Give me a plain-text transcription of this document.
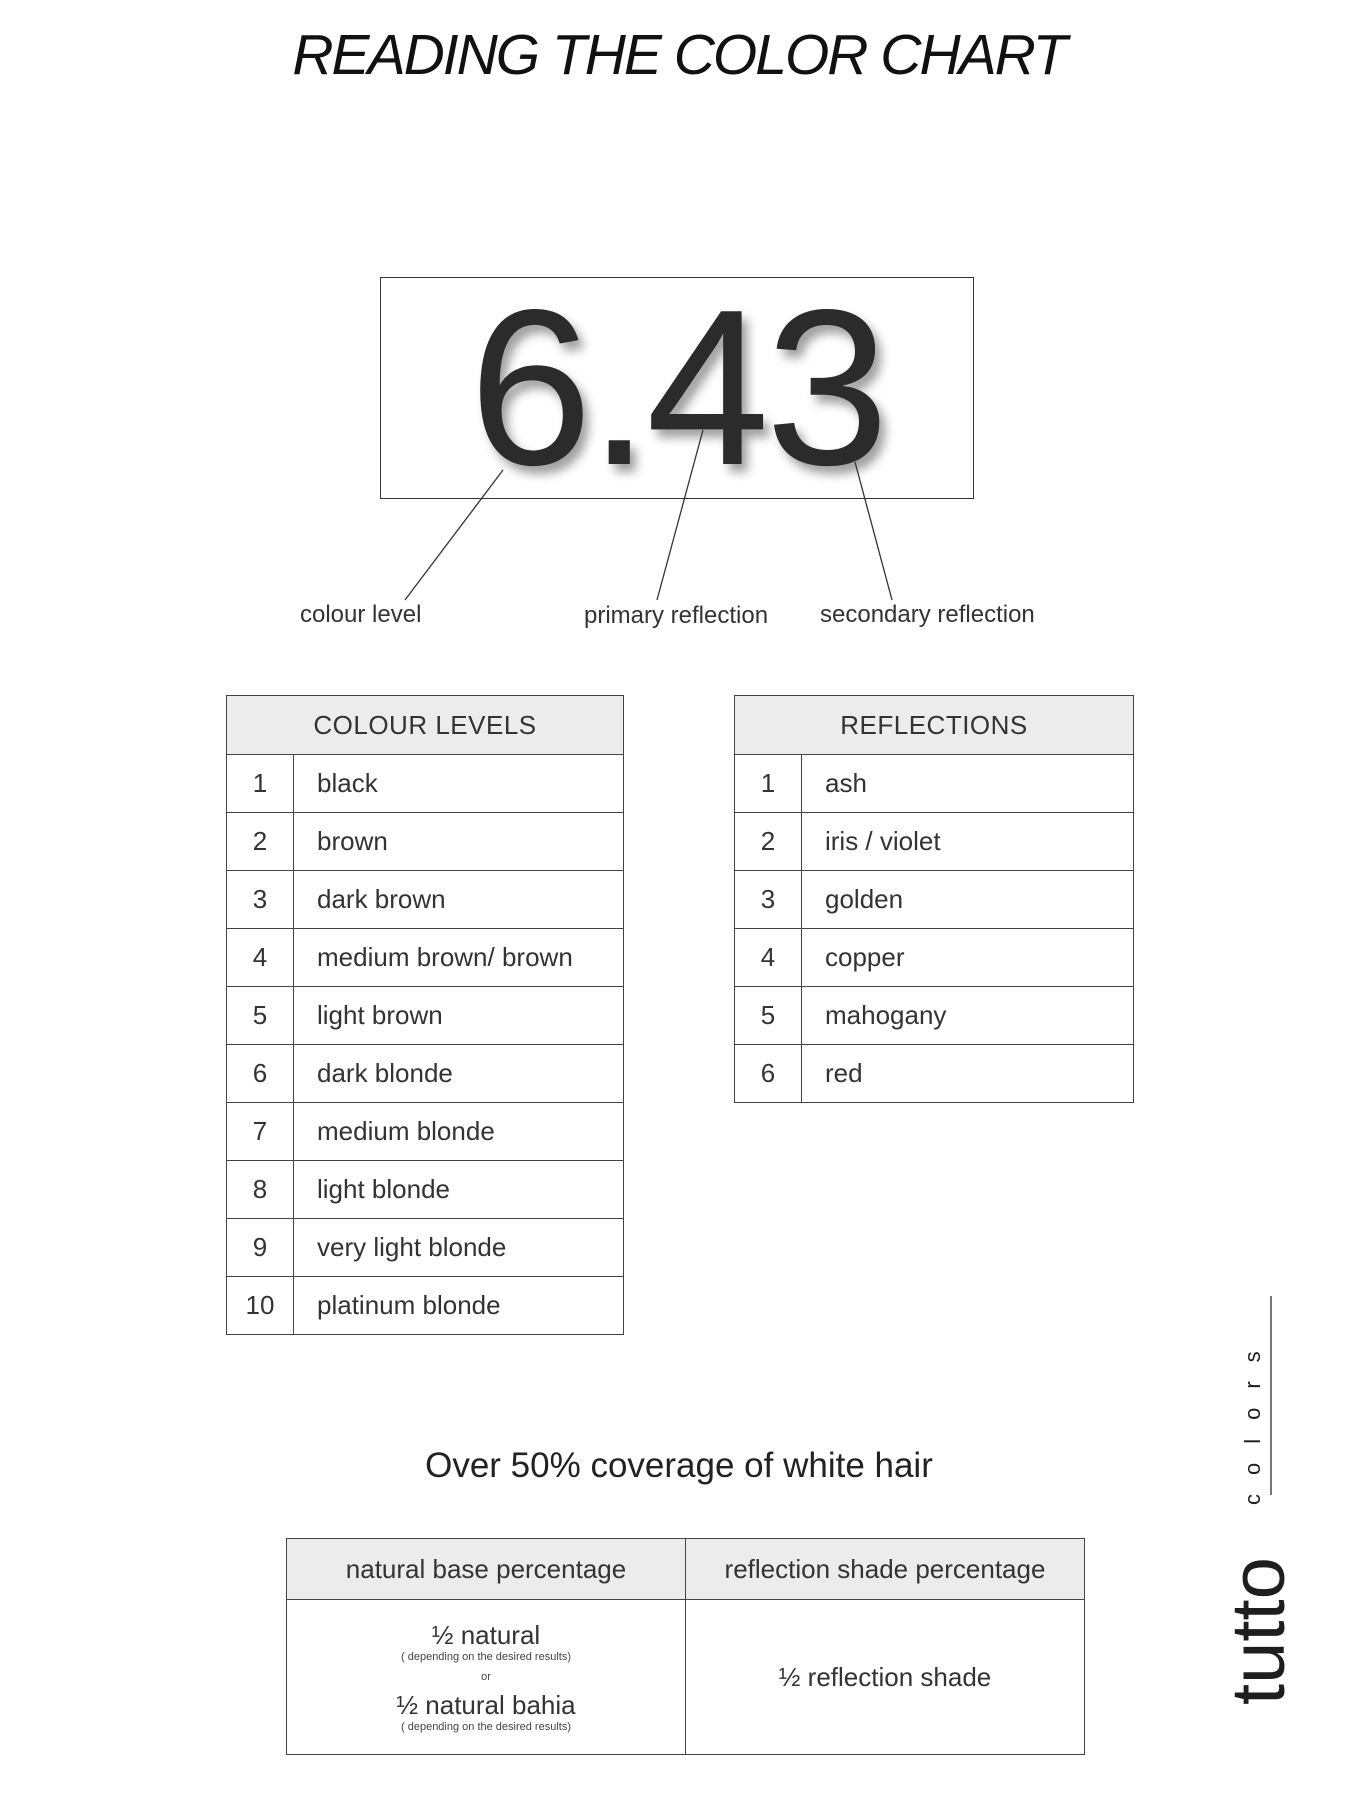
READING THE COLOR CHART
6.43
colour level	primary reflection secondary reflection
COLOUR LEVELS	
1	black
2	brown
3	dark brown
4	medium brown/ brown
5	light brown
6	dark blonde
7	medium blonde
8	light blonde
9	very light blonde
10	platinum blonde
REFLECTIONS	
1	ash
2	iris / violet
3	golden
4	copper
5	mahogany
6	red
Over 50% coverage of white hair
natural base percentage	reflection shade percentage

½ natural
( depending on the desired results)
or
½ natural bahia
( depending on the desired results)	½ reflection shade	tutto
colors
